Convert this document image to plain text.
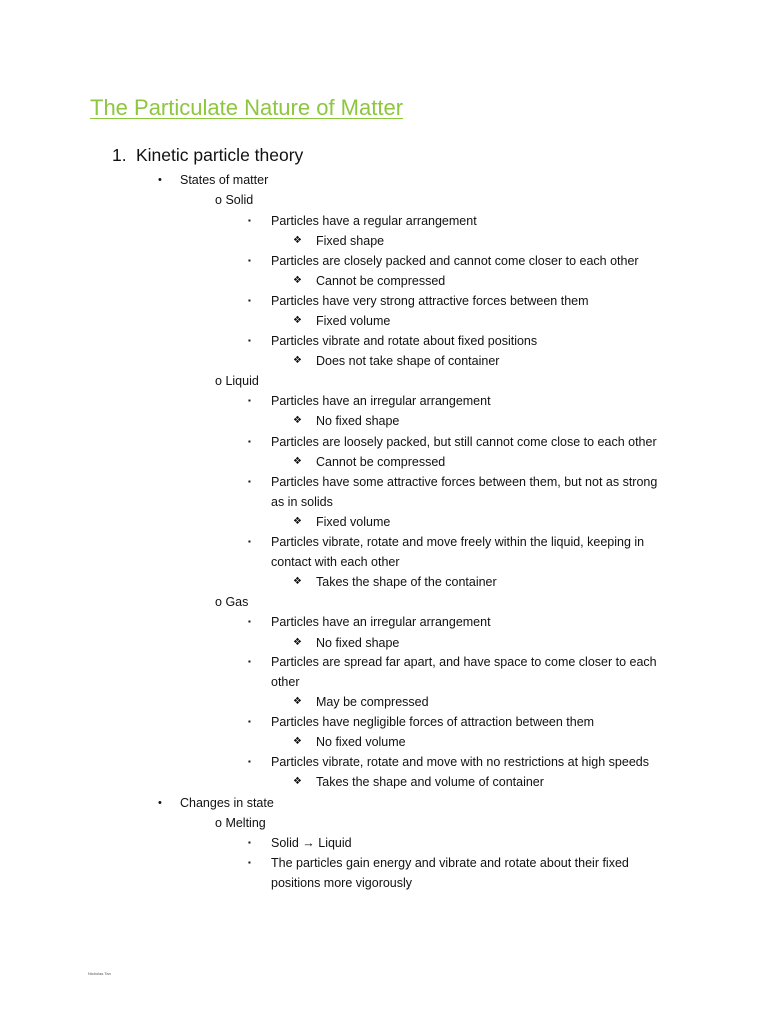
The Particulate Nature of Matter
1. Kinetic particle theory
• States of matter
o Solid
▪ Particles have a regular arrangement
❖ Fixed shape
▪ Particles are closely packed and cannot come closer to each other
❖ Cannot be compressed
▪ Particles have very strong attractive forces between them
❖ Fixed volume
▪ Particles vibrate and rotate about fixed positions
❖ Does not take shape of container
o Liquid
▪ Particles have an irregular arrangement
❖ No fixed shape
▪ Particles are loosely packed, but still cannot come close to each other
❖ Cannot be compressed
▪ Particles have some attractive forces between them, but not as strong
as in solids
❖ Fixed volume
▪ Particles vibrate, rotate and move freely within the liquid, keeping in
contact with each other
❖ Takes the shape of the container
o Gas
▪ Particles have an irregular arrangement
❖ No fixed shape
▪ Particles are spread far apart, and have space to come closer to each
other
❖ May be compressed
▪ Particles have negligible forces of attraction between them
❖ No fixed volume
▪ Particles vibrate, rotate and move with no restrictions at high speeds
❖ Takes the shape and volume of container
• Changes in state
o Melting
▪ Solid → Liquid
▪ The particles gain energy and vibrate and rotate about their fixed
positions more vigorously
Nicholas Tan
